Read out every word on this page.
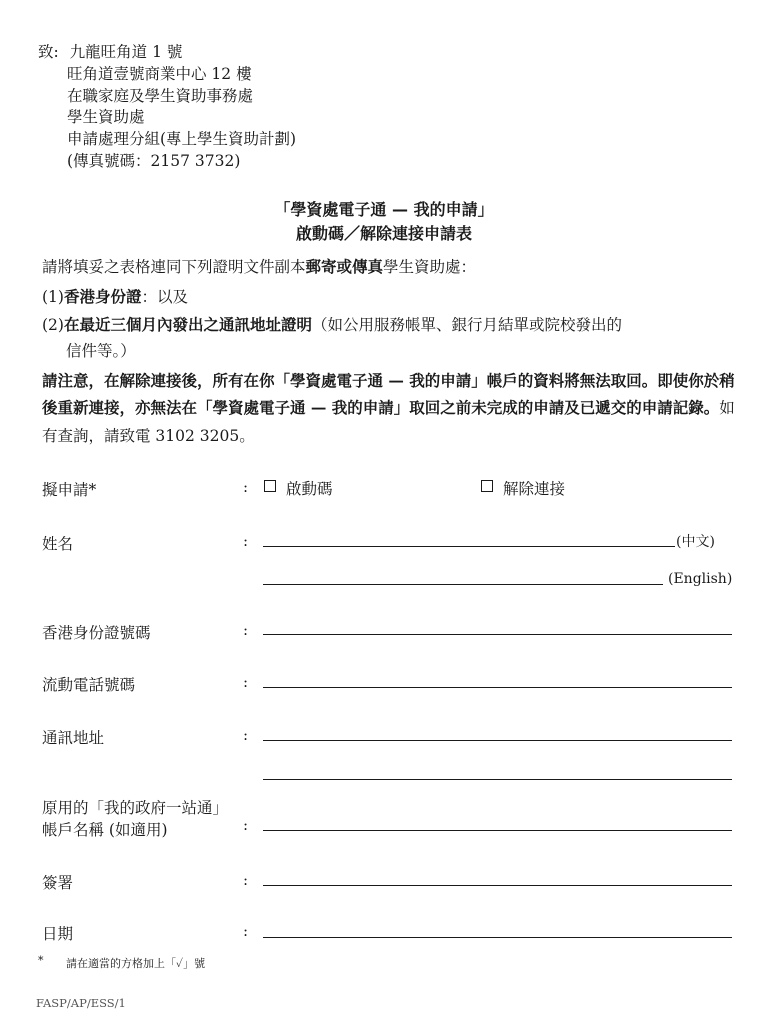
致: 九龍旺角道 1 號
旺角道壹號商業中心 12 樓
在職家庭及學生資助事務處
學生資助處
申請處理分組(專上學生資助計劃)
(傳真號碼：2157 3732)
「學資處電子通 — 我的申請」
啟動碼／解除連接申請表
請將填妥之表格連同下列證明文件副本郵寄或傳真學生資助處：
(1)香港身份證：以及
(2)在最近三個月內發出之通訊地址證明（如公用服務帳單、銀行月結單或院校發出的
信件等。）
請注意，在解除連接後，所有在你「學資處電子通 — 我的申請」帳戶的資料將無法取回。即使你於稍後重新連接，亦無法在「學資處電子通 — 我的申請」取回之前未完成的申請及已遞交的申請記錄。如有查詢，請致電 3102 3205。
擬申請*	: 啟動碼	解除連接
姓名	:	(中文)
(English)
香港身份證號碼	:
流動電話號碼	:
通訊地址	:
原用的「我的政府一站通」
帳戶名稱 (如適用)	:
簽署	:
日期	:
* 請在適當的方格加上「✓」號
FASP/AP/ESS/1
